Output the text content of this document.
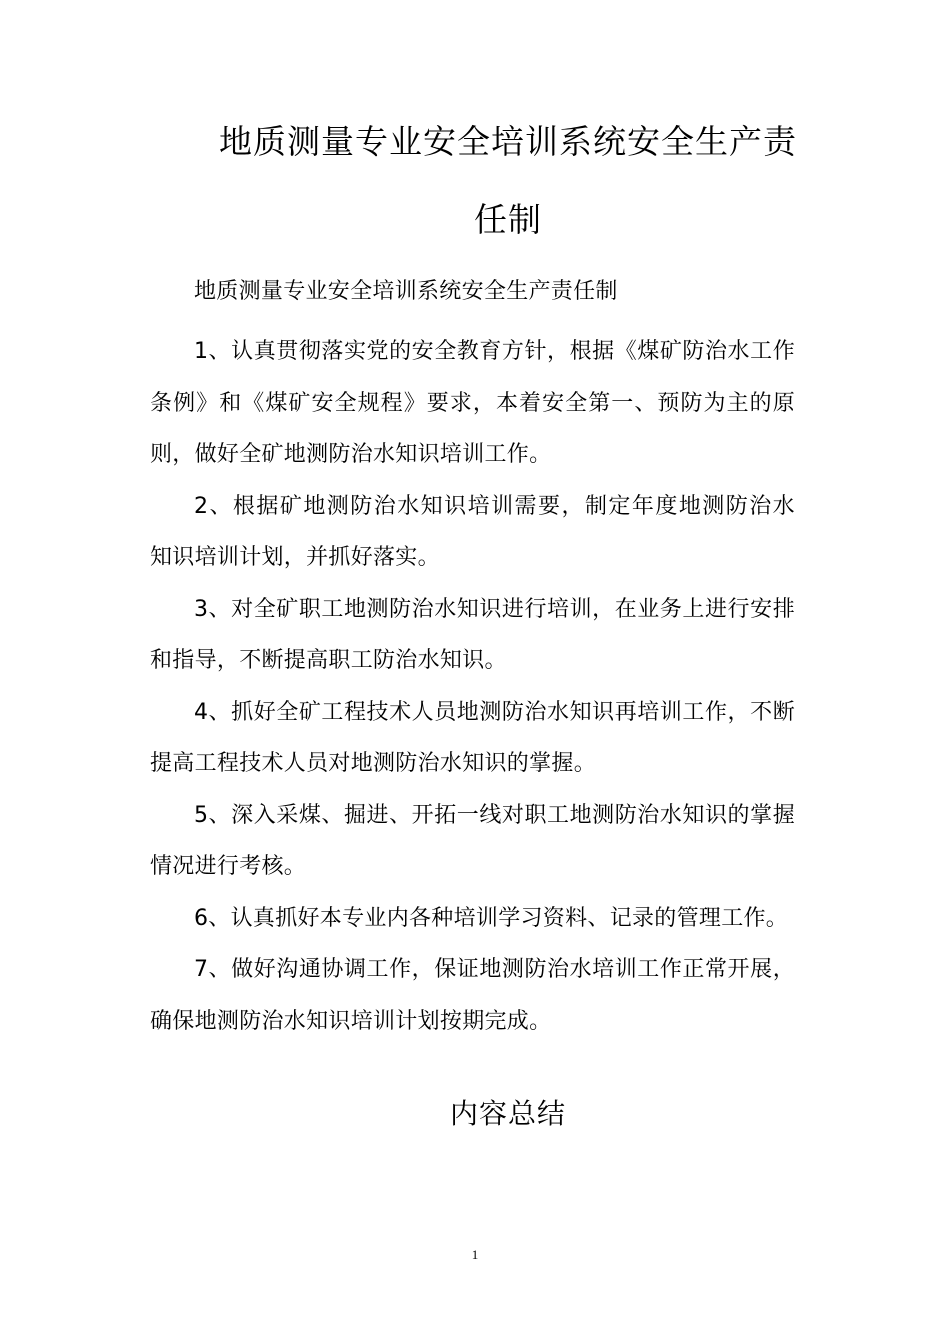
地质测量专业安全培训系统安全生产责
任制
地质测量专业安全培训系统安全生产责任制

1、认真贯彻落实党的安全教育方针，根据《煤矿防治水工作条例》和《煤矿安全规程》要求，本着安全第一、预防为主的原则，做好全矿地测防治水知识培训工作。

2、根据矿地测防治水知识培训需要，制定年度地测防治水 知识培训计划，并抓好落实。

3、对全矿职工地测防治水知识进行培训，在业务上进行安排和指导，不断提高职工防治水知识。

4、抓好全矿工程技术人员地测防治水知识再培训工作，不断提高工程技术人员对地测防治水知识的掌握。

5、深入采煤、掘进、开拓一线对职工地测防治水知识的掌握情况进行考核。

6、认真抓好本专业内各种培训学习资料、记录的管理工作。

7、做好沟通协调工作，保证地测防治水培训工作正常开展，确保地测防治水知识培训计划按期完成。

内容总结
1
